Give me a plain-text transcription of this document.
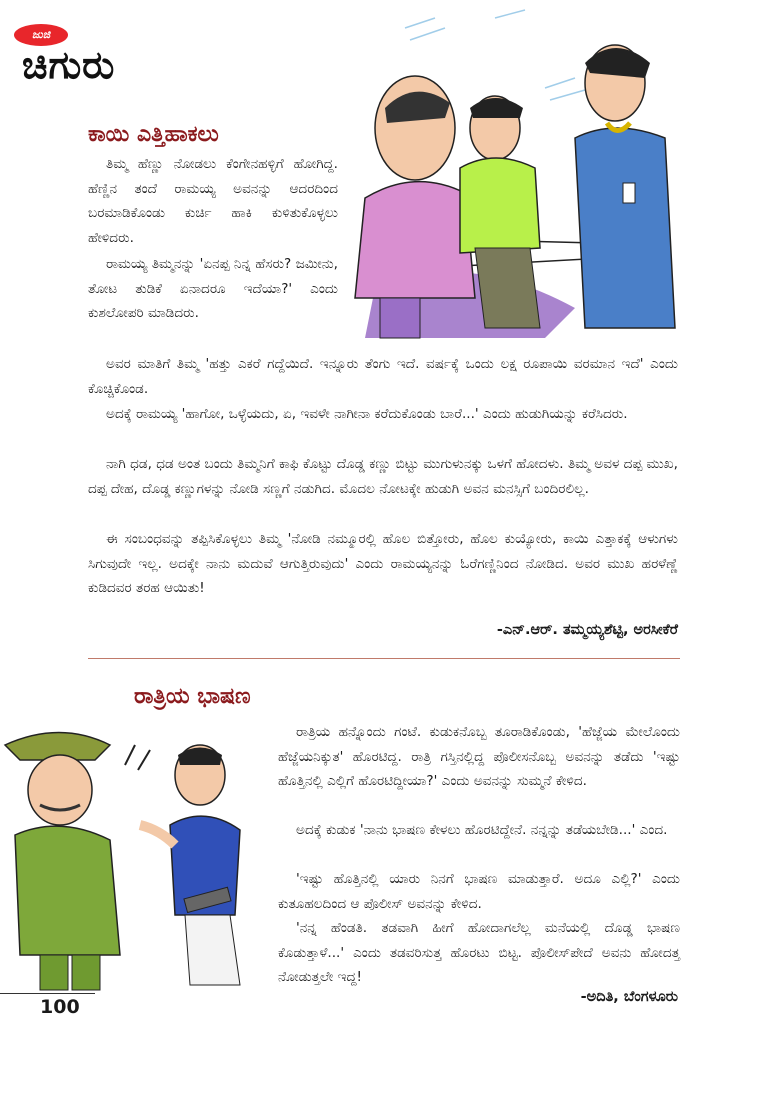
ಜುಜಿ
ಚಿಗುರು
ಕಾಯಿ ಎತ್ತಿಹಾಕಲು

ತಿಮ್ಮ ಹೆಣ್ಣು ನೋಡಲು ಕೆಂಗೇನಹಳ್ಳಿಗೆ ಹೋಗಿದ್ದ. ಹೆಣ್ಣಿನ ತಂದೆ ರಾಮಯ್ಯ ಅವನನ್ನು ಆದರದಿಂದ ಬರಮಾಡಿಕೊಂಡು ಕುರ್ಚಿ ಹಾಕಿ ಕುಳಿತುಕೊಳ್ಳಲು ಹೇಳಿದರು.

ರಾಮಯ್ಯ ತಿಮ್ಮನನ್ನು 'ಏನಪ್ಪ ನಿನ್ನ ಹೆಸರು? ಜಮೀನು, ತೋಟ ತುಡಿಕೆ ಏನಾದರೂ ಇದೆಯಾ?' ಎಂದು ಕುಶಲೋಪರಿ ಮಾಡಿದರು.

ಅವರ ಮಾತಿಗೆ ತಿಮ್ಮ 'ಹತ್ತು ಎಕರೆ ಗದ್ದೆಯಿದೆ. ಇನ್ನೂರು ತೆಂಗು ಇದೆ. ವರ್ಷಕ್ಕೆ ಒಂದು ಲಕ್ಷ ರೂಪಾಯಿ ವರಮಾನ ಇದೆ' ಎಂದು ಕೊಚ್ಚಿಕೊಂಡ.

ಅದಕ್ಕೆ ರಾಮಯ್ಯ 'ಹಾಗೋ, ಒಳ್ಳೆಯದು, ಏ, ಇವಳೇ ನಾಗೀನಾ ಕರೆದುಕೊಂಡು ಬಾರೆ...' ಎಂದು ಹುಡುಗಿಯನ್ನು ಕರೆಸಿದರು.

ನಾಗಿ ಧಡ, ಧಡ ಅಂತ ಬಂದು ತಿಮ್ಮನಿಗೆ ಕಾಫಿ ಕೊಟ್ಟು ದೊಡ್ಡ ಕಣ್ಣು ಬಿಟ್ಟು ಮುಗುಳುನಕ್ಕು ಒಳಗೆ ಹೋದಳು. ತಿಮ್ಮ ಅವಳ ದಪ್ಪ ಮುಖ, ದಪ್ಪ ದೇಹ, ದೊಡ್ಡ ಕಣ್ಣುಗಳನ್ನು ನೋಡಿ ಸಣ್ಣಗೆ ನಡುಗಿದ. ಮೊದಲ ನೋಟಕ್ಕೇ ಹುಡುಗಿ ಅವನ ಮನಸ್ಸಿಗೆ ಬಂದಿರಲಿಲ್ಲ.

ಈ ಸಂಬಂಧವನ್ನು ತಪ್ಪಿಸಿಕೊಳ್ಳಲು ತಿಮ್ಮ 'ನೋಡಿ ನಮ್ಮೂರಲ್ಲಿ ಹೊಲ ಬಿತ್ತೋರು, ಹೊಲ ಕುಯ್ಯೋರು, ಕಾಯಿ ಎತ್ತಾಕಕ್ಕೆ ಆಳುಗಳು ಸಿಗುವುದೇ ಇಲ್ಲ. ಅದಕ್ಕೇ ನಾನು ಮದುವೆ ಆಗುತ್ತಿರುವುದು' ಎಂದು ರಾಮಯ್ಯನನ್ನು ಓರೆಗಣ್ಣಿನಿಂದ ನೋಡಿದ. ಅವರ ಮುಖ ಹರಳೆಣ್ಣೆ ಕುಡಿದವರ ತರಹ ಆಯಿತು!

-ಎನ್.ಆರ್. ತಮ್ಮಯ್ಯಶೆಟ್ಟಿ, ಅರಸೀಕೆರೆ
ರಾತ್ರಿಯ ಭಾಷಣ

ರಾತ್ರಿಯ ಹನ್ನೊಂದು ಗಂಟೆ. ಕುಡುಕನೊಬ್ಬ ತೂರಾಡಿಕೊಂಡು, 'ಹೆಜ್ಜೆಯ ಮೇಲೊಂದು ಹೆಜ್ಜೆಯನಿಕ್ಕುತ' ಹೊರಟಿದ್ದ. ರಾತ್ರಿ ಗಸ್ತಿನಲ್ಲಿದ್ದ ಪೊಲೀಸನೊಬ್ಬ ಅವನನ್ನು ತಡೆದು 'ಇಷ್ಟು ಹೊತ್ತಿನಲ್ಲಿ ಎಲ್ಲಿಗೆ ಹೊರಟಿದ್ದೀಯಾ?' ಎಂದು ಅವನನ್ನು ಸುಮ್ಮನೆ ಕೇಳಿದ.

ಅದಕ್ಕೆ ಕುಡುಕ 'ನಾನು ಭಾಷಣ ಕೇಳಲು ಹೊರಟಿದ್ದೇನೆ. ನನ್ನನ್ನು ತಡೆಯಬೇಡಿ...' ಎಂದ.

'ಇಷ್ಟು ಹೊತ್ತಿನಲ್ಲಿ ಯಾರು ನಿನಗೆ ಭಾಷಣ ಮಾಡುತ್ತಾರೆ. ಅದೂ ಎಲ್ಲಿ?' ಎಂದು ಕುತೂಹಲದಿಂದ ಆ ಪೊಲೀಸ್ ಅವನನ್ನು ಕೇಳಿದ.

'ನನ್ನ ಹೆಂಡತಿ. ತಡವಾಗಿ ಹೀಗೆ ಹೋದಾಗಲೆಲ್ಲ ಮನೆಯಲ್ಲಿ ದೊಡ್ಡ ಭಾಷಣ ಕೊಡುತ್ತಾಳೆ...' ಎಂದು ತಡವರಿಸುತ್ತ ಹೊರಟು ಬಿಟ್ಟ. ಪೊಲೀಸ್‌ಪೇದೆ ಅವನು ಹೋದತ್ತ ನೋಡುತ್ತಲೇ ಇದ್ದ!

-ಅದಿತಿ, ಬೆಂಗಳೂರು
100
